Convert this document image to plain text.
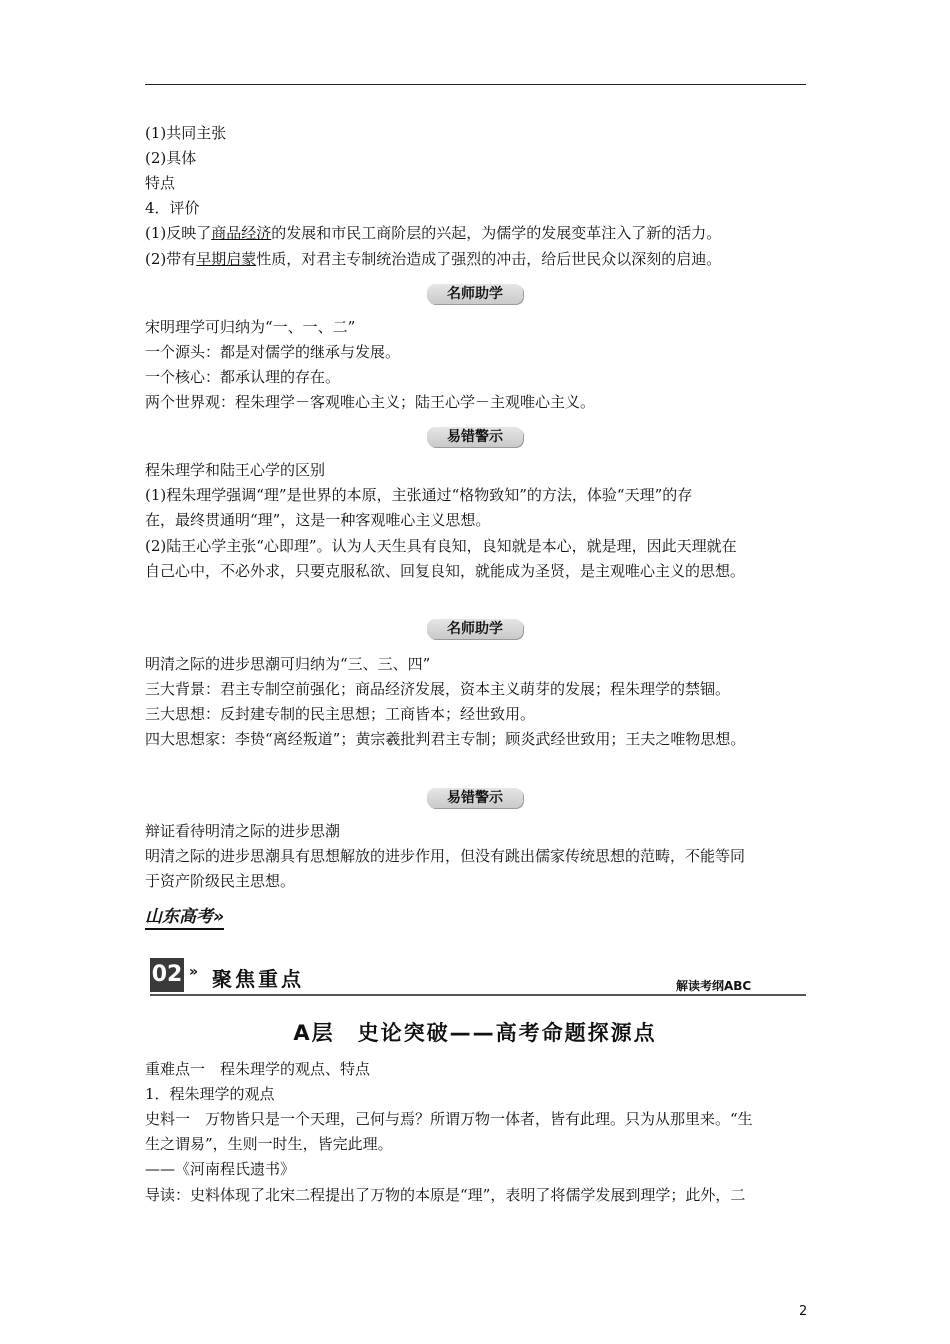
(1)共同主张
(2)具体
特点
4．评价
(1)反映了商品经济的发展和市民工商阶层的兴起，为儒学的发展变革注入了新的活力。
(2)带有早期启蒙性质，对君主专制统治造成了强烈的冲击，给后世民众以深刻的启迪。
名师助学
宋明理学可归纳为“一、一、二”
一个源头：都是对儒学的继承与发展。
一个核心：都承认理的存在。
两个世界观：程朱理学－客观唯心主义；陆王心学－主观唯心主义。
易错警示
程朱理学和陆王心学的区别
(1)程朱理学强调“理”是世界的本原，主张通过“格物致知”的方法，体验“天理”的存
在，最终贯通明“理”，这是一种客观唯心主义思想。
(2)陆王心学主张“心即理”。认为人天生具有良知，良知就是本心，就是理，因此天理就在
自己心中，不必外求，只要克服私欲、回复良知，就能成为圣贤，是主观唯心主义的思想。
名师助学
明清之际的进步思潮可归纳为“三、三、四”
三大背景：君主专制空前强化；商品经济发展，资本主义萌芽的发展；程朱理学的禁锢。
三大思想：反封建专制的民主思想；工商皆本；经世致用。
四大思想家：李贽“离经叛道”；黄宗羲批判君主专制；顾炎武经世致用；王夫之唯物思想。
易错警示
辩证看待明清之际的进步思潮
明清之际的进步思潮具有思想解放的进步作用，但没有跳出儒家传统思想的范畴，不能等同
于资产阶级民主思想。
山东高考»
02 » 聚焦重点	解读考纲ABC
A层　史论突破——高考命题探源点
重难点一　程朱理学的观点、特点
1．程朱理学的观点
史料一　万物皆只是一个天理，己何与焉？所谓万物一体者，皆有此理。只为从那里来。“生
生之谓易”，生则一时生，皆完此理。
——《河南程氏遗书》
导读：史料体现了北宋二程提出了万物的本原是“理”，表明了将儒学发展到理学；此外，二
2
